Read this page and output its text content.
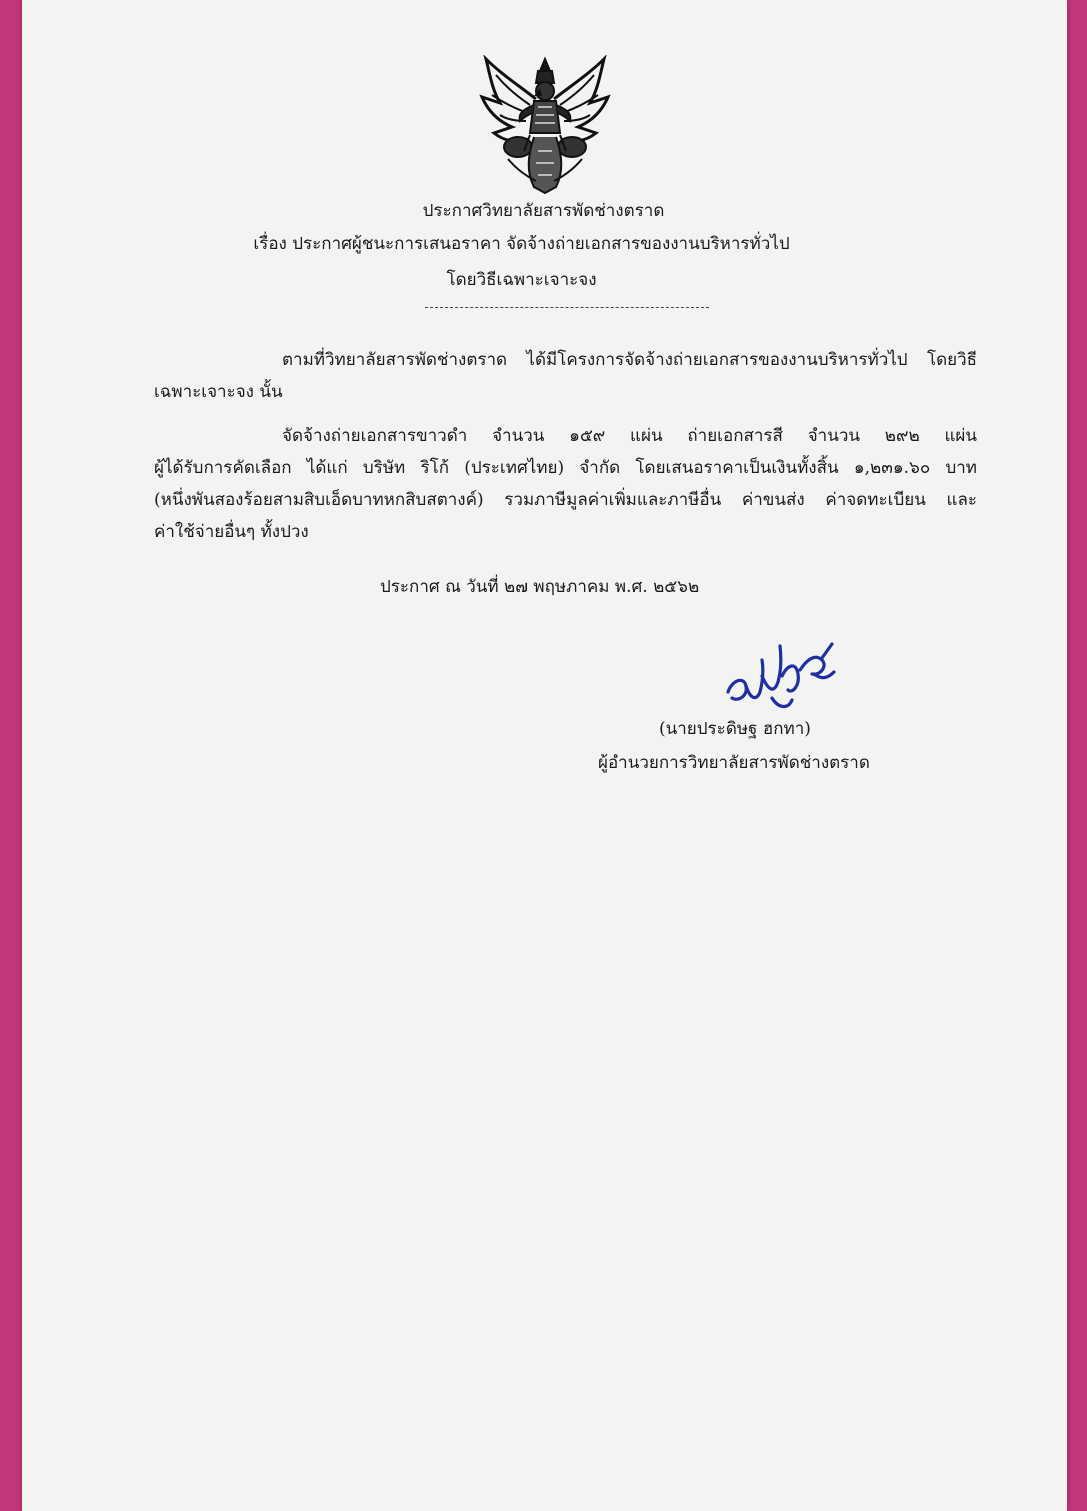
ประกาศวิทยาลัยสารพัดช่างตราด
เรื่อง ประกาศผู้ชนะการเสนอราคา จัดจ้างถ่ายเอกสารของงานบริหารทั่วไป
โดยวิธีเฉพาะเจาะจง
ตามที่วิทยาลัยสารพัดช่างตราด ได้มีโครงการจัดจ้างถ่ายเอกสารของงานบริหารทั่วไป โดยวิธี
เฉพาะเจาะจง นั้น
จัดจ้างถ่ายเอกสารขาวดำ จำนวน ๑๕๙ แผ่น ถ่ายเอกสารสี จำนวน ๒๙๒ แผ่น
ผู้ได้รับการคัดเลือก ได้แก่ บริษัท ริโก้ (ประเทศไทย) จำกัด โดยเสนอราคาเป็นเงินทั้งสิ้น ๑,๒๓๑.๖๐ บาท
(หนึ่งพันสองร้อยสามสิบเอ็ดบาทหกสิบสตางค์) รวมภาษีมูลค่าเพิ่มและภาษีอื่น ค่าขนส่ง ค่าจดทะเบียน และ
ค่าใช้จ่ายอื่นๆ ทั้งปวง
ประกาศ ณ วันที่ ๒๗ พฤษภาคม พ.ศ. ๒๕๖๒
(นายประดิษฐ ฮกทา)
ผู้อำนวยการวิทยาลัยสารพัดช่างตราด
